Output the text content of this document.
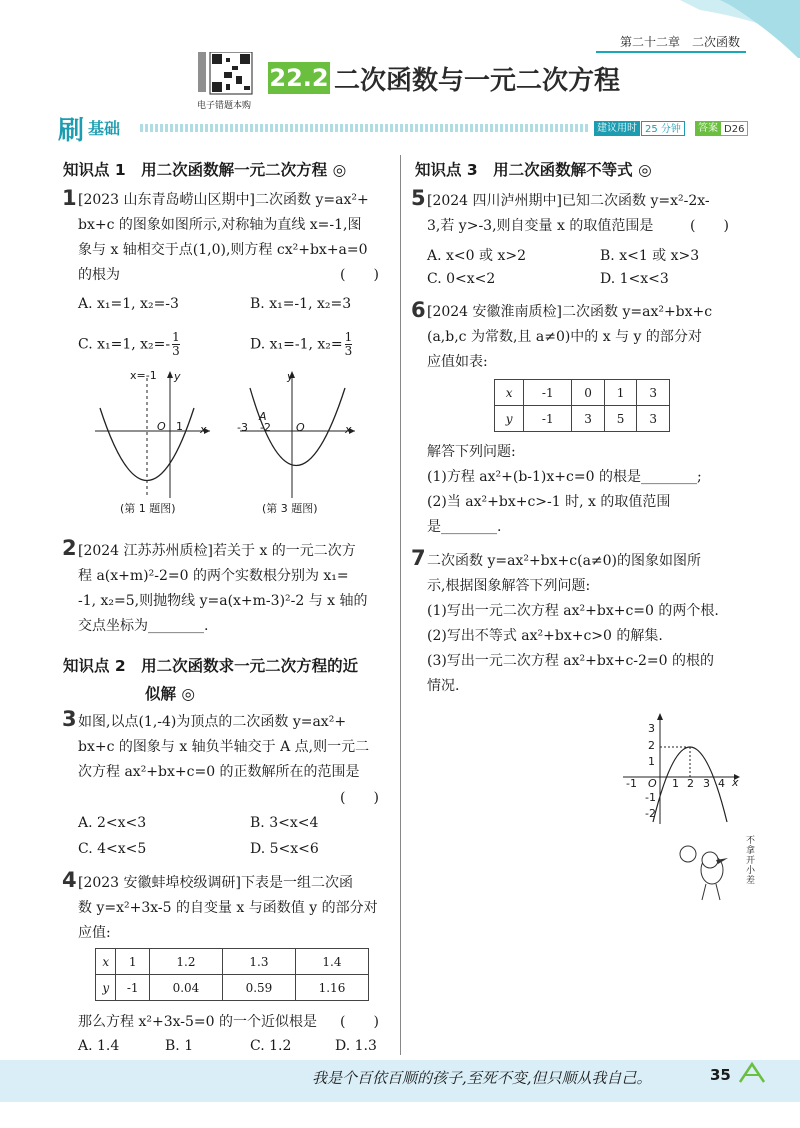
第二十二章　二次函数
电子错题本购
22.2 二次函数与一元二次方程
刷 基础	建议用时 25 分钟	答案 D26
知识点 1　用二次函数解一元二次方程 ◎
1 [2023 山东青岛崂山区期中]二次函数 y=ax²+
bx+c 的图象如图所示,对称轴为直线 x=-1,图
象与 x 轴相交于点(1,0),则方程 cx²+bx+a=0
的根为	(　　)
A. x₁=1, x₂=-3	B. x₁=-1, x₂=3
C. x₁=1, $x_2=- \frac{1}{3}$	D. x₁=-1, $x_2= \frac{1}{3}$
x=-1 y
x
O 1
(第 1 题图)
y
x
A
-3 -2 O
(第 3 题图)
2 [2024 江苏苏州质检]若关于 x 的一元二次方
程 a(x+m)²-2=0 的两个实数根分别为 x₁=
-1, x₂=5,则抛物线 y=a(x+m-3)²-2 与 x 轴的
交点坐标为________.
知识点 2　用二次函数求一元二次方程的近
似解 ◎
3 如图,以点(1,-4)为顶点的二次函数 y=ax²+
bx+c 的图象与 x 轴负半轴交于 A 点,则一元二
次方程 ax²+bx+c=0 的正数解所在的范围是
(　　)
A. 2<x<3	B. 3<x<4
C. 4<x<5	D. 5<x<6
4 [2023 安徽蚌埠校级调研]下表是一组二次函
数 y=x²+3x-5 的自变量 x 与函数值 y 的部分对
应值:
x	1	1.2	1.3	1.4
y	-1	0.04	0.59	1.16
那么方程 x²+3x-5=0 的一个近似根是 (　　)
A. 1.4	B. 1	C. 1.2	D. 1.3
知识点 3　用二次函数解不等式 ◎
5 [2024 四川泸州期中]已知二次函数 y=x²-2x-
3,若 y>-3,则自变量 x 的取值范围是	(　　)
A. x<0 或 x>2	B. x<1 或 x>3
C. 0<x<2	D. 1<x<3
6 [2024 安徽淮南质检]二次函数 y=ax²+bx+c
(a,b,c 为常数,且 a≠0)中的 x 与 y 的部分对
应值如表:
x	-1	0	1	3
y	-1	3	5	3
解答下列问题:
(1)方程 ax²+(b-1)x+c=0 的根是________;
(2)当 ax²+bx+c>-1 时, x 的取值范围
是________.
7 二次函数 y=ax²+bx+c(a≠0)的图象如图所
示,根据图象解答下列问题:
(1)写出一元二次方程 ax²+bx+c=0 的两个根.
(2)写出不等式 ax²+bx+c>0 的解集.
(3)写出一元二次方程 ax²+bx+c-2=0 的根的
情况.
3
2
1
-1 O 1 2 3 4 x
-1
-2
不拿开小差
我是个百依百顺的孩子,至死不变,但只顺从我自己。	35
